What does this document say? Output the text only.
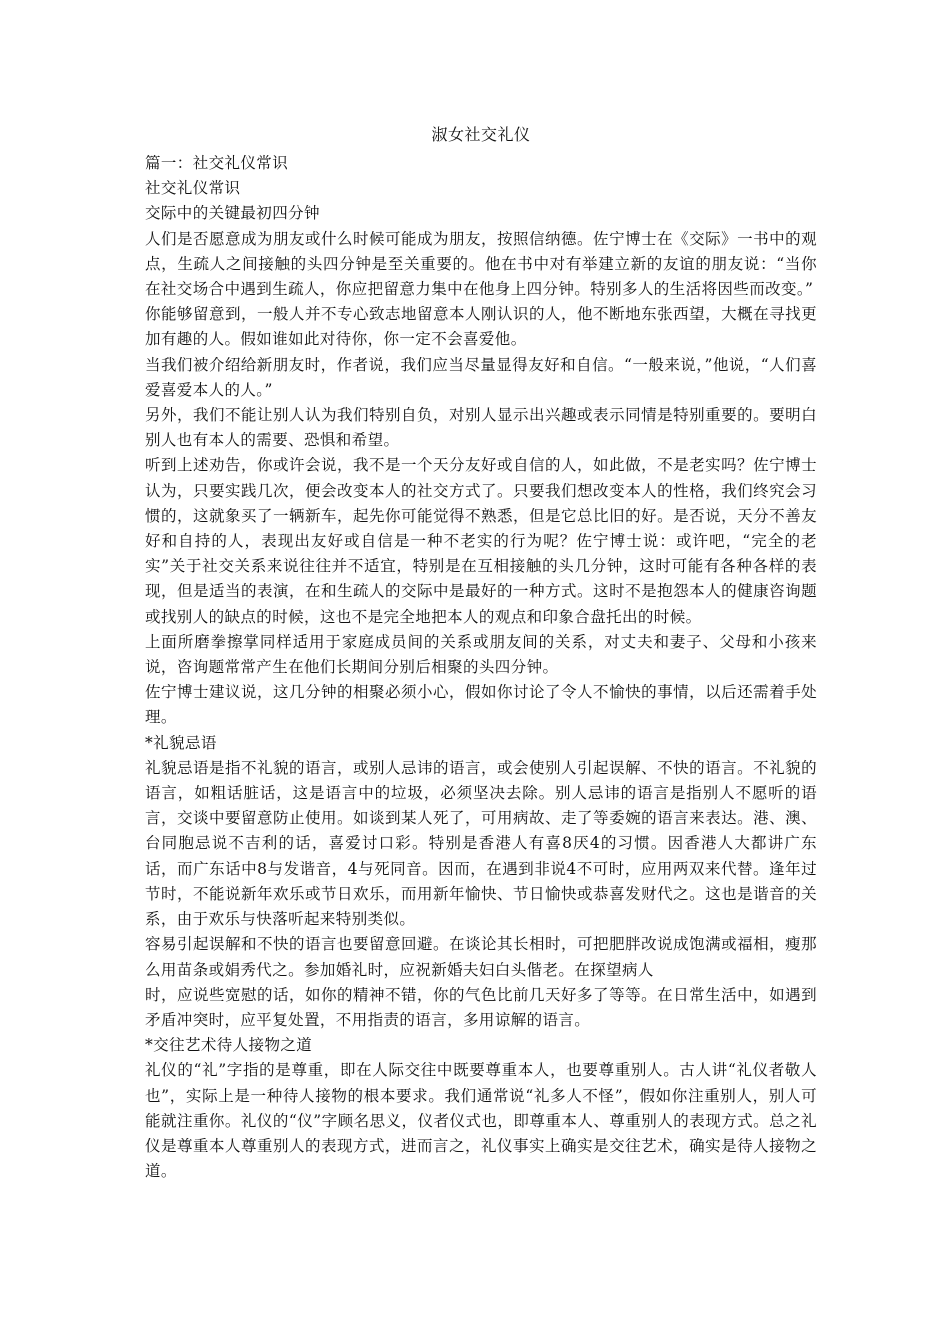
淑女社交礼仪

篇一：社交礼仪常识

社交礼仪常识

交际中的关键最初四分钟

人们是否愿意成为朋友或什么时候可能成为朋友，按照信纳德。佐宁博士在《交际》一书中的观点，生疏人之间接触的头四分钟是至关重要的。他在书中对有举建立新的友谊的朋友说：“当你在社交场合中遇到生疏人，你应把留意力集中在他身上四分钟。特别多人的生活将因些而改变。”

你能够留意到，一般人并不专心致志地留意本人刚认识的人，他不断地东张西望，大概在寻找更加有趣的人。假如谁如此对待你，你一定不会喜爱他。

当我们被介绍给新朋友时，作者说，我们应当尽量显得友好和自信。“一般来说，”他说，“人们喜爱喜爱本人的人。”

另外，我们不能让别人认为我们特别自负，对别人显示出兴趣或表示同情是特别重要的。要明白别人也有本人的需要、恐惧和希望。

听到上述劝告，你或许会说，我不是一个天分友好或自信的人，如此做，不是老实吗？佐宁博士认为，只要实践几次，便会改变本人的社交方式了。只要我们想改变本人的性格，我们终究会习惯的，这就象买了一辆新车，起先你可能觉得不熟悉，但是它总比旧的好。是否说，天分不善友好和自持的人，表现出友好或自信是一种不老实的行为呢？佐宁博士说：或许吧，“完全的老实”关于社交关系来说往往并不适宜，特别是在互相接触的头几分钟，这时可能有各种各样的表现，但是适当的表演，在和生疏人的交际中是最好的一种方式。这时不是抱怨本人的健康咨询题或找别人的缺点的时候，这也不是完全地把本人的观点和印象合盘托出的时候。

上面所磨拳擦掌同样适用于家庭成员间的关系或朋友间的关系，对丈夫和妻子、父母和小孩来说，咨询题常常产生在他们长期间分别后相聚的头四分钟。

佐宁博士建议说，这几分钟的相聚必须小心，假如你讨论了令人不愉快的事情，以后还需着手处理。

*礼貌忌语

礼貌忌语是指不礼貌的语言，或别人忌讳的语言，或会使别人引起误解、不快的语言。不礼貌的语言，如粗话脏话，这是语言中的垃圾，必须坚决去除。别人忌讳的语言是指别人不愿听的语言，交谈中要留意防止使用。如谈到某人死了，可用病故、走了等委婉的语言来表达。港、澳、台同胞忌说不吉利的话，喜爱讨口彩。特别是香港人有喜8厌4的习惯。因香港人大都讲广东话，而广东话中8与发谐音，4与死同音。因而，在遇到非说4不可时，应用两双来代替。逢年过节时，不能说新年欢乐或节日欢乐，而用新年愉快、节日愉快或恭喜发财代之。这也是谐音的关系，由于欢乐与快落听起来特别类似。

容易引起误解和不快的语言也要留意回避。在谈论其长相时，可把肥胖改说成饱满或福相，瘦那么用苗条或娟秀代之。参加婚礼时，应祝新婚夫妇白头偕老。在探望病人

时，应说些宽慰的话，如你的精神不错，你的气色比前几天好多了等等。在日常生活中，如遇到矛盾冲突时，应平复处置，不用指责的语言，多用谅解的语言。

*交往艺术待人接物之道

礼仪的“礼”字指的是尊重，即在人际交往中既要尊重本人，也要尊重别人。古人讲“礼仪者敬人也”，实际上是一种待人接物的根本要求。我们通常说“礼多人不怪”，假如你注重别人，别人可能就注重你。礼仪的“仪”字顾名思义，仪者仪式也，即尊重本人、尊重别人的表现方式。总之礼仪是尊重本人尊重别人的表现方式，进而言之，礼仪事实上确实是交往艺术，确实是待人接物之道。
